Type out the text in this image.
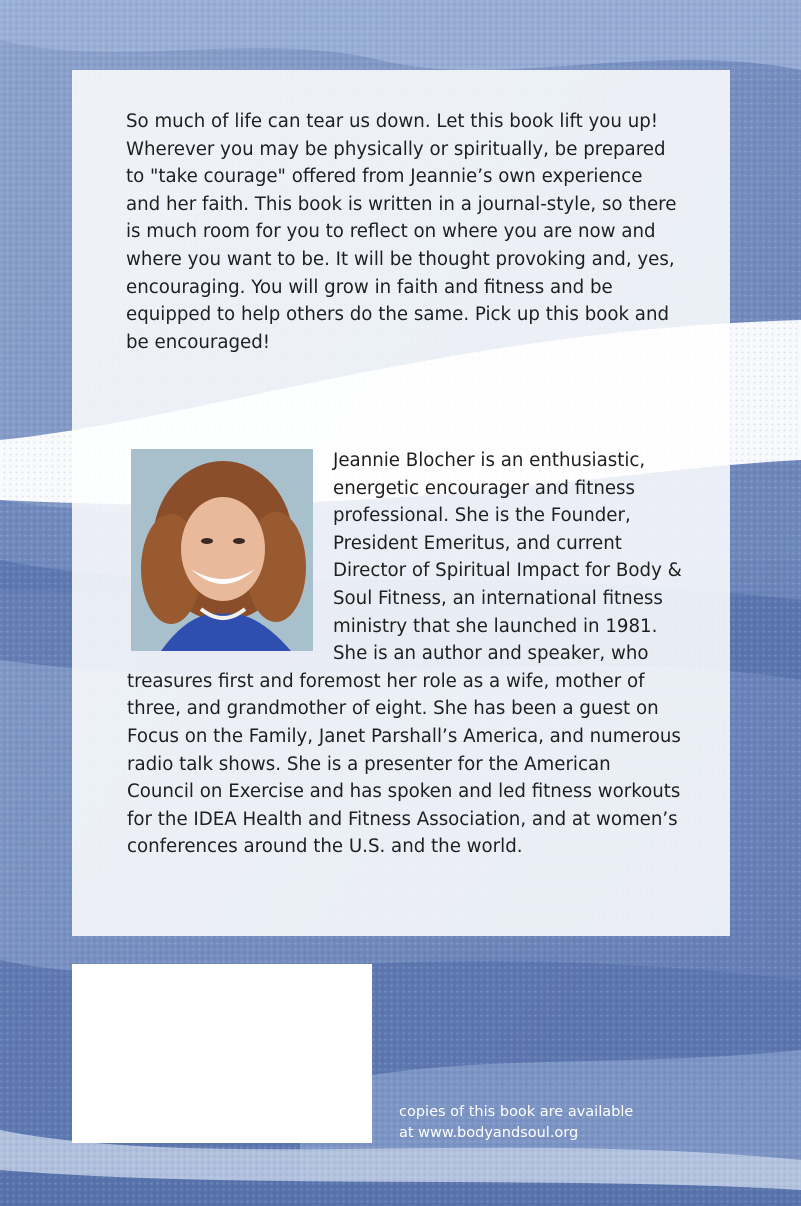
So much of life can tear us down. Let this book lift you up! Wherever you may be physically or spiritually, be prepared to "take courage" offered from Jeannie’s own experience and her faith. This book is written in a journal-style, so there is much room for you to reflect on where you are now and where you want to be. It will be thought provoking and, yes, encouraging. You will grow in faith and fitness and be equipped to help others do the same. Pick up this book and be encouraged!

Jeannie Blocher is an enthusiastic, energetic encourager and fitness professional. She is the Founder, President Emeritus, and current Director of Spiritual Impact for Body & Soul Fitness, an international fitness ministry that she launched in 1981. She is an author and speaker, who treasures first and foremost her role as a wife, mother of three, and grandmother of eight. She has been a guest on Focus on the Family, Janet Parshall’s America, and numerous radio talk shows. She is a presenter for the American Council on Exercise and has spoken and led fitness workouts for the IDEA Health and Fitness Association, and at women’s conferences around the U.S. and the world.

copies of this book are available
at www.bodyandsoul.org
